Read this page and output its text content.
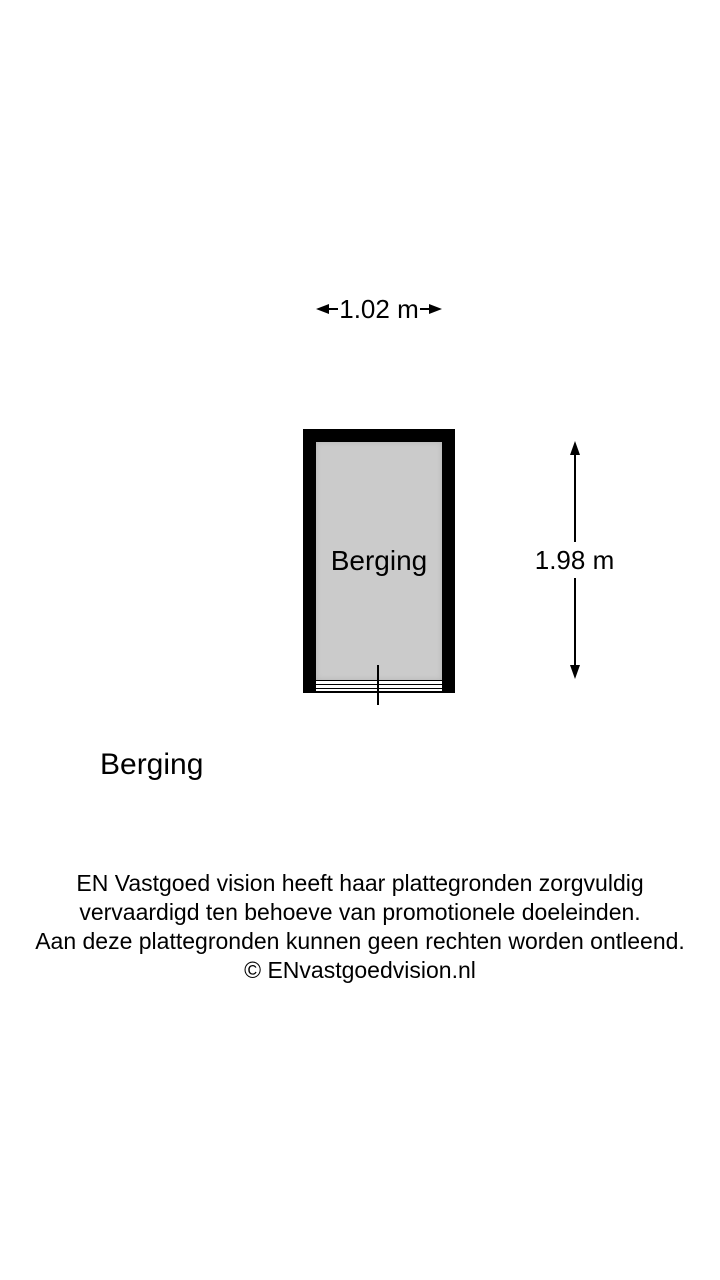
1.02 m
Berging	1.98 m
Berging
EN Vastgoed vision heeft haar plattegronden zorgvuldig
vervaardigd ten behoeve van promotionele doeleinden.
Aan deze plattegronden kunnen geen rechten worden ontleend.
© ENvastgoedvision.nl
